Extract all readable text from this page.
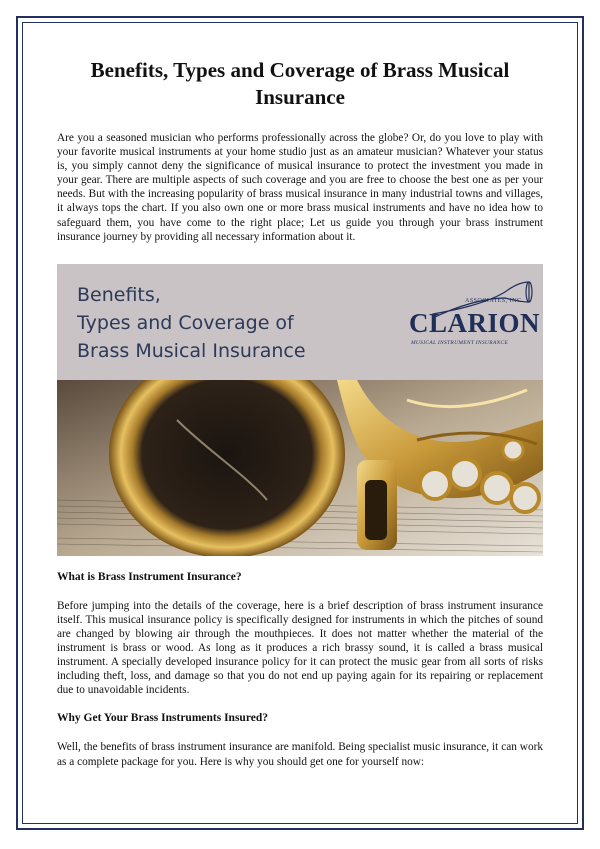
Benefits, Types and Coverage of Brass Musical Insurance

Are you a seasoned musician who performs professionally across the globe? Or, do you love to play with your favorite musical instruments at your home studio just as an amateur musician? Whatever your status is, you simply cannot deny the significance of musical insurance to protect the investment you made in your gear. There are multiple aspects of such coverage and you are free to choose the best one as per your needs. But with the increasing popularity of brass musical insurance in many industrial towns and villages, it always tops the chart. If you also own one or more brass musical instruments and have no idea how to safeguard them, you have come to the right place; Let us guide you through your brass instrument insurance journey by providing all necessary information about it.

Benefits,
Types and Coverage of
Brass Musical Insurance
ASSOCIATES, INC.
CLARION
MUSICAL INSTRUMENT INSURANCE
What is Brass Instrument Insurance?

Before jumping into the details of the coverage, here is a brief description of brass instrument insurance itself. This musical insurance policy is specifically designed for instruments in which the pitches of sound are changed by blowing air through the mouthpieces. It does not matter whether the material of the instrument is brass or wood. As long as it produces a rich brassy sound, it is called a brass musical instrument. A specially developed insurance policy for it can protect the music gear from all sorts of risks including theft, loss, and damage so that you do not end up paying again for its repairing or replacement due to unavoidable incidents.

Why Get Your Brass Instruments Insured?

Well, the benefits of brass instrument insurance are manifold. Being specialist music insurance, it can work as a complete package for you. Here is why you should get one for yourself now:
